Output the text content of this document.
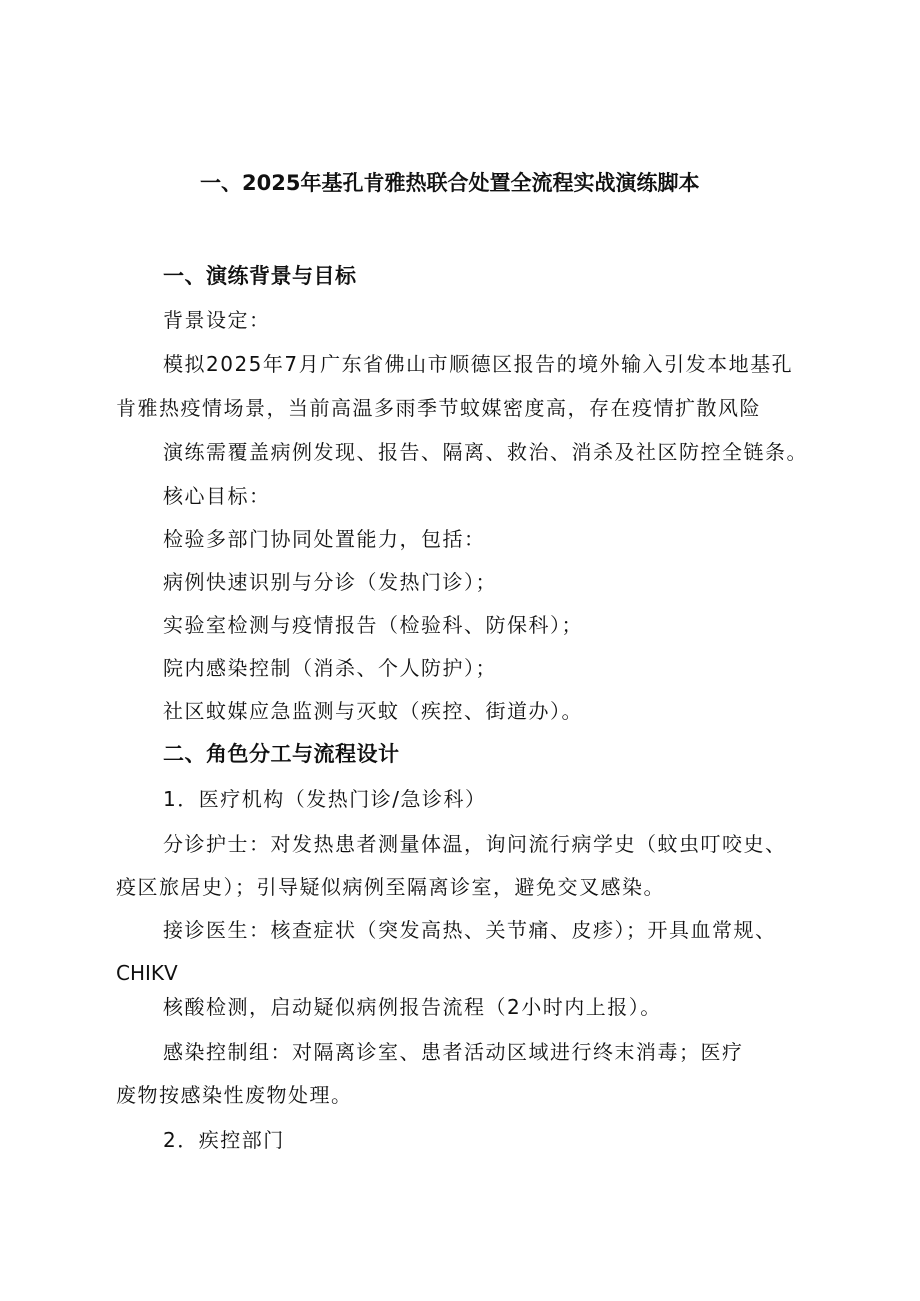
一、2025年基孔肯雅热联合处置全流程实战演练脚本
一、演练背景与目标
背景设定：
模拟2025年7月广东省佛山市顺德区报告的境外输入引发本地基孔
肯雅热疫情场景，当前高温多雨季节蚊媒密度高，存在疫情扩散风险
演练需覆盖病例发现、报告、隔离、救治、消杀及社区防控全链条。
核心目标：
检验多部门协同处置能力，包括：
病例快速识别与分诊（发热门诊）；
实验室检测与疫情报告（检验科、防保科）；
院内感染控制（消杀、个人防护）；
社区蚊媒应急监测与灭蚊（疾控、街道办）。
二、角色分工与流程设计
1．医疗机构（发热门诊/急诊科）
分诊护士：对发热患者测量体温，询问流行病学史（蚊虫叮咬史、
疫区旅居史）；引导疑似病例至隔离诊室，避免交叉感染。
接诊医生：核查症状（突发高热、关节痛、皮疹）；开具血常规、
CHIKV
核酸检测，启动疑似病例报告流程（2小时内上报）。
感染控制组：对隔离诊室、患者活动区域进行终末消毒；医疗
废物按感染性废物处理。
2．疾控部门
